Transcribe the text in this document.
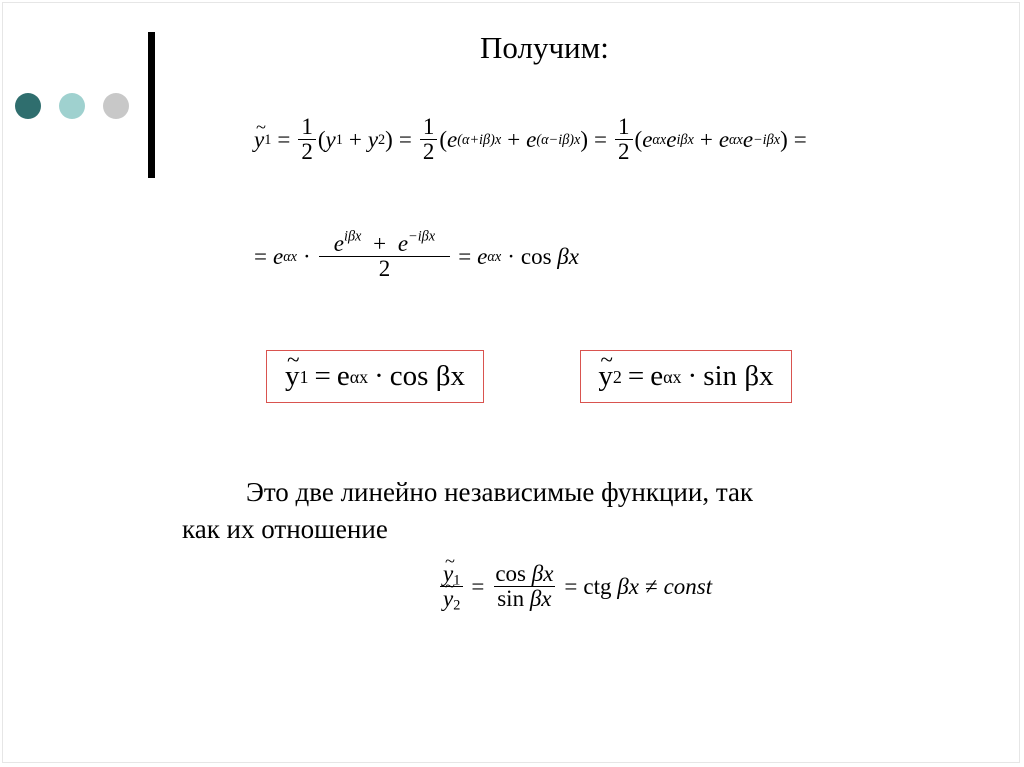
Получим:
~ y $1 = \frac{1}{2}$ ( y 1 + y 2 ) = $\frac{1}{2}$ ( e (α+iβ)x + e (α−iβ)x ) = $\frac{1}{2}$ ( e αx e iβx + e αx e −iβx ) =
= e $\alpha x \cdot \frac{e^{i\beta x} + e^{-i\beta x}}{2} = e$ αx · cos
βx
~ y 1 = e αx · cos
βx
~	y 2 = e αx · sin
βx
Это две линейно независимые функции, так
как их отношение
~ $y_1$
~ $y_2 = \frac{\text{cos βx}}{\text{sin βx}}$ = ctg
βx ≠ const
